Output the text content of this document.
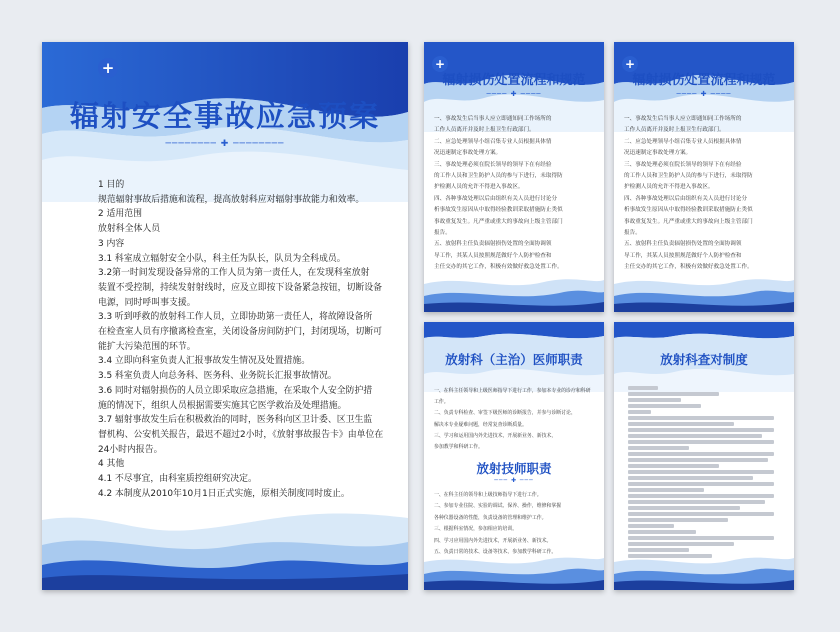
+
辐射安全事故应急预案
──────── ✚ ────────
1 目的
规范辐射事故后措施和流程，提高放射科应对辐射事故能力和效率。
2 适用范围
放射科全体人员
3 内容
3.1 科室成立辐射安全小队，科主任为队长，队员为全科成员。
3.2第一时间发现设备异常的工作人员为第一责任人，在发现科室放射
装置不受控制，持续发射射线时，应及立即按下设备紧急按钮，切断设备
电源，同时呼叫事支援。
3.3 听到呼救的放射科工作人员，立即协助第一责任人，将故障设备所
在检查室人员有序撤离检查室，关闭设备房间防护门，封闭现场，切断可
能扩大污染范围的环节。
3.4 立即向科室负责人汇报事故发生情况及处置措施。
3.5 科室负责人向总务科、医务科、业务院长汇报事故情况。
3.6 同时对辐射损伤的人员立即采取应急措施，在采取个人安全防护措
施的情况下，组织人员根据需要实施其它医学救治及处理措施。
3.7 辐射事故发生后在积极救治的同时，医务科向区卫计委、区卫生监
督机构、公安机关报告，最迟不超过2小时，《放射事故报告卡》由单位在
24小时内报告。
4 其他
4.1 不尽事宜，由科室质控组研究决定。
4.2 本制度从2010年10月1日正式实施，原相关制度同时废止。
+
辐射损伤处置流程和规范
──── ✚ ────
一、事故发生后当事人应立即通知同工作场所的
工作人员离开并及时上报卫生行政部门。
二、应急处理领导小组召集专业人员根据具体情
况迅速制定事故处理方案。
三、事故处理必须在院长领导的领导下在有经验
的工作人员和卫生防护人员的参与下进行，未取得防
护检测人员的允许不得进入事故区。
四、各种事故处理以后由组织有关人员进行讨论分
析事故发生原因从中取得经验教训采取措施防止类似
事故重复发生。凡严重或重大的事故向上级主管部门
报告。
五、放射科主任负责辐射损伤处置的全面协调领
导工作，其某人员按照规范做好个人防护检查和
主任交办的其它工作，积极有效做好救急处置工作。
+
辐射损伤处置流程和规范
──── ✚ ────
一、事故发生后当事人应立即通知同工作场所的
工作人员离开并及时上报卫生行政部门。
二、应急处理领导小组召集专业人员根据具体情
况迅速制定事故处理方案。
三、事故处理必须在院长领导的领导下在有经验
的工作人员和卫生防护人员的参与下进行，未取得防
护检测人员的允许不得进入事故区。
四、各种事故处理以后由组织有关人员进行讨论分
析事故发生原因从中取得经验教训采取措施防止类似
事故重复发生。凡严重或重大的事故向上级主管部门
报告。
五、放射科主任负责辐射损伤处置的全面协调领
导工作，其某人员按照规范做好个人防护检查和
主任交办的其它工作，积极有效做好救急处置工作。
放射科（主治）医师职责
一、在科主任领导和上级医师指导下进行工作，参加本专业的诊疗和科研
工作。
二、负责专科检查、审签下级医师的诊断报告，并参与诊断讨论，
解决本专业疑难问题，经常复查诊断质量。
三、学习和运用国内外先进技术，开展新业务、新技术，
参加教学和科研工作。
放射技师职责
─── ✚ ───
一、在科主任的领导和上级技师指导下进行工作。
二、参加专业住院、实验的调试、保养、操作，维修和掌握
各种仪器设备的性能，负责设备的管理和维护工作。
三、根据科室情况，参加相应的培训。
四、学习应用国内外先进技术，开展新业务、新技术。
五、负责日常的技术、设备等技术，参加教学科研工作。
放射科查对制度
